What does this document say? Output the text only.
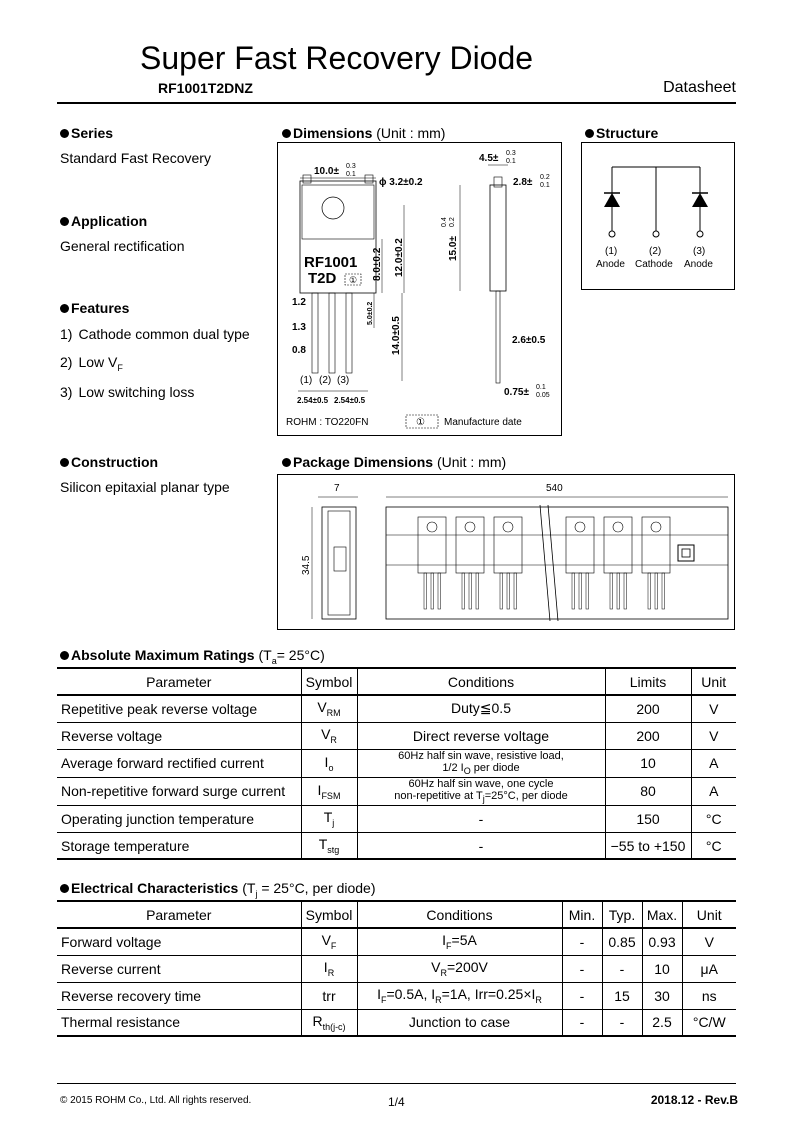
Super Fast Recovery Diode
RF1001T2DNZ	Datasheet
Series
Standard Fast Recovery
Application
General rectification
Features
1) Cathode common dual type
2) Low $V_F$
3) Low switching loss
Construction
Silicon epitaxial planar type
Dimensions (Unit : mm)
RF1001
T2D ①
10.0± 0.3
0.1
ϕ 3.2±0.2
8.0±0.2 12.0±0.2
5.0±0.2
14.0±0.5
1.2
1.3
0.8
(1) (2) (3)
2.54±0.5 2.54±0.5
4.5± 0.3
0.1
2.8± 0.2
0.1
15.0±
0.4 0.2
2.6±0.5
0.75± 0.1
0.05
ROHM : TO220FN	① Manufacture date
Structure
(1)
Anode
(2)
Cathode
(3)
Anode
Package Dimensions (Unit : mm)
7
34.5
540
Absolute Maximum Ratings $(T_a= 25^\circ C)$
Parameter	Symbol	Conditions	Limits	Unit
Repetitive peak reverse voltage	$V_{RM}$	Duty≦0.5	200	V
Reverse voltage	$V_R$	Direct reverse voltage	200	V
Average forward rectified current	$I_o$	60Hz half sin wave, resistive load,
1/2 $I_O$ per diode	10	A
Non-repetitive forward surge current	$I_{FSM}$	60Hz half sin wave, one cycle
non-repetitive at $T_j=25^\circ C$, per diode	80	A
Operating junction temperature	$T_j$	-	150	°C
Storage temperature	$T_{stg}$	-	−55 to +150	°C
Electrical Characteristics ($T_j = 25^\circ C$, per diode)
Parameter	Symbol	Conditions	Min.	Typ.	Max.	Unit
Forward voltage	$V_F$	$I_F=5A$	-	0.85	0.93	V
Reverse current	$I_R$	$V_R=200V$	-	-	10	μA
Reverse recovery time	trr	$I_F=0.5A$, $I_R=1A$, $Irr=0.25\times I_R$	-	15	30	ns
Thermal resistance	$R_{th(j-c)}$	Junction to case	-	-	2.5	°C/W
© 2015 ROHM Co., Ltd. All rights reserved.	1/4	2018.12 - Rev.B
